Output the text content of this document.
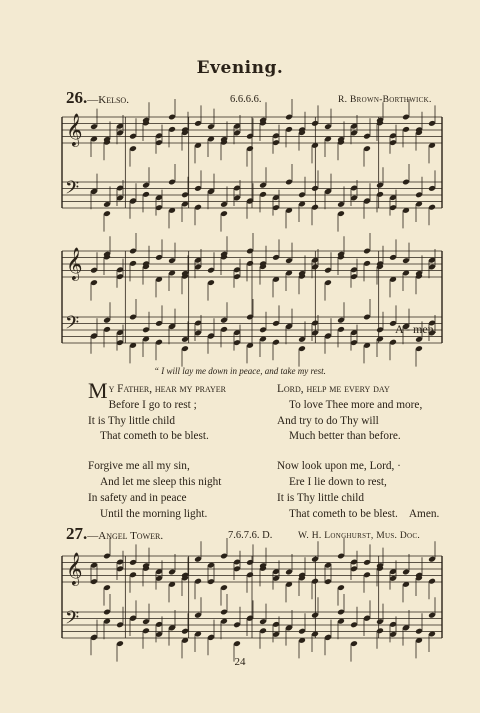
Evening.
26.—Kelso.	6.6.6.6.	R. Brown-Borthwick.
𝄞
𝄢
𝄞
𝄢
𝄞
𝄢
A - men.
“ I will lay me down in peace, and take my rest.
My Father, hear my prayer
Before I go to rest ;
It is Thy little child
That cometh to be blest.
Forgive me all my sin,
And let me sleep this night
In safety and in peace
Until the morning light.
Lord, help me every day
To love Thee more and more,
And try to do Thy will
Much better than before.
Now look upon me, Lord, ·
Ere I lie down to rest,
It is Thy little child
That cometh to be blest. Amen.
27.—Angel Tower.	7.6.7.6. D.	W. H. Longhurst, Mus. Doc.
24
